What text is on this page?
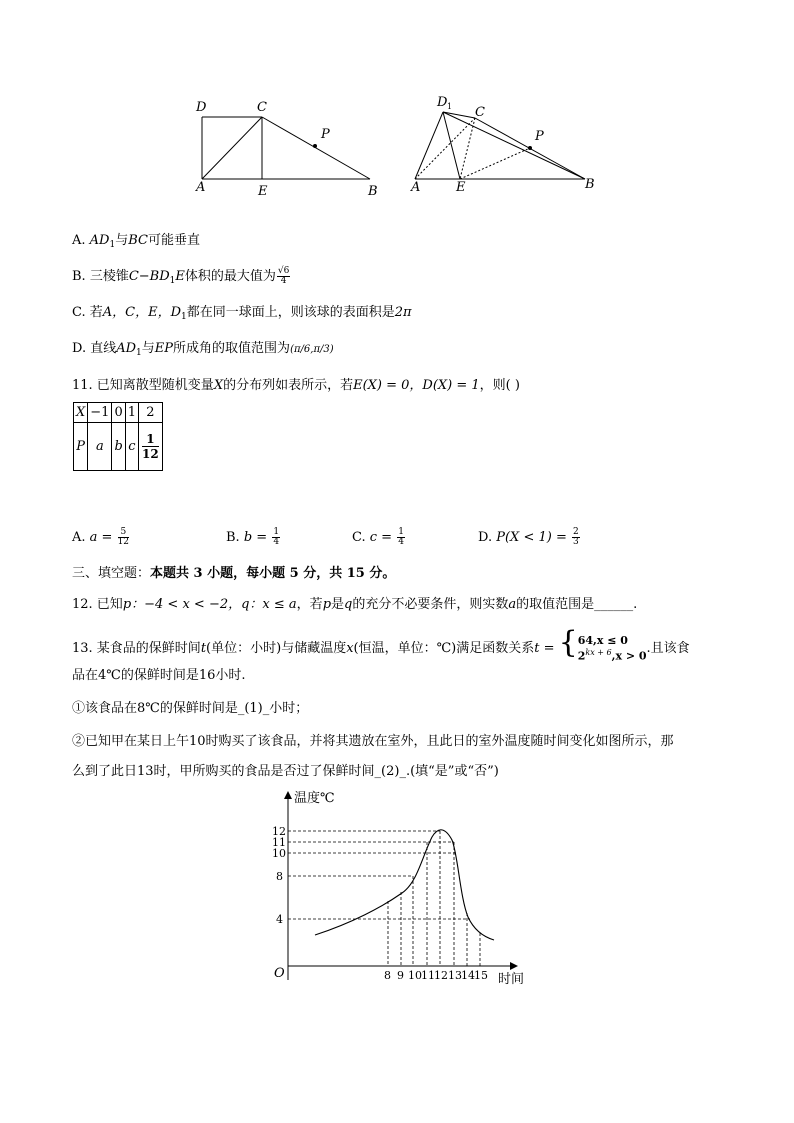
D	C
P
A	E	B
D 1 C
P
A	E	B
A. $AD_1$与BC可能垂直
B. 三棱锥$C-BD_1E$体积的最大值为 $\frac{√6}{4}$
C. 若A，C，E，$D_1$都在同一球面上，则该球的表面积是2π
D. 直线$AD_1$与EP所成角的取值范围为(π/6,π/3)
11. 已知离散型随机变量X的分布列如表所示，若E(X) = 0，D(X) = 1，则( )
X	−1	0	1	2
P	a	b	c	$\frac{1}{12}$
A. $a = \frac{5}{12}$	B. $b = \frac{1}{4}$	C. $c = \frac{1}{4}$	D. $P(X < 1) = \frac{2}{3}$
三、填空题：本题共 3 小题，每小题 5 分，共 15 分。
12. 已知p：−4 < x < −2，q：x ≤ a，若p是q的充分不必要条件，则实数a的取值范围是______.
13. 某食品的保鲜时间t(单位：小时)与储藏温度x(恒温，单位：℃)满足函数关系t = {64,x ≤ 0
$2^{kx + 6},x > 0$.且该食
品在4℃的保鲜时间是16小时.
①该食品在8℃的保鲜时间是_(1)_小时；
②已知甲在某日上午10时购买了该食品，并将其遗放在室外，且此日的室外温度随时间变化如图所示，那
么到了此日13时，甲所购买的食品是否过了保鲜时间_(2)_.(填“是”或“否”)
温度℃
时间
O
12
11
10
8
4
8 9 10 11 12 13 14 15
